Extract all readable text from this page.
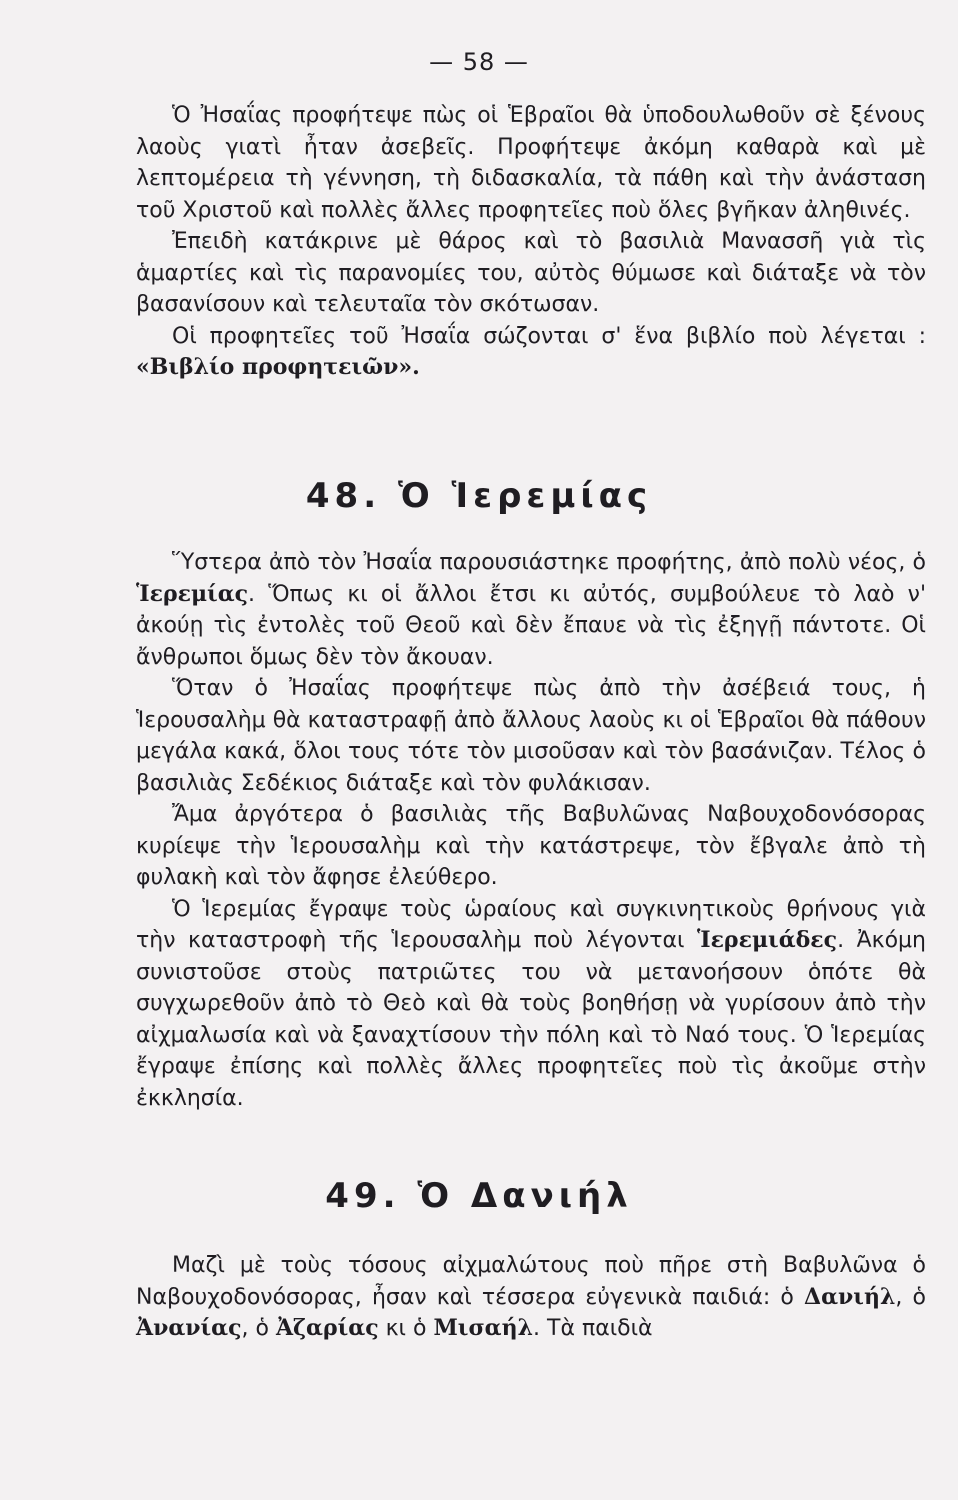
— 58 —

Ὁ Ἠσαΐας προφήτεψε πὼς οἱ Ἑβραῖοι θὰ ὑποδουλωθοῦν σὲ ξένους λαοὺς γιατὶ ἦταν ἀσεβεῖς. Προφήτεψε ἀκόμη καθαρὰ καὶ μὲ λεπτομέρεια τὴ γέννηση, τὴ διδασκαλία, τὰ πάθη καὶ τὴν ἀνάσταση τοῦ Χριστοῦ καὶ πολλὲς ἄλλες προφητεῖες ποὺ ὅλες βγῆκαν ἀληθινές.

Ἐπειδὴ κατάκρινε μὲ θάρος καὶ τὸ βασιλιὰ Μανασσῆ γιὰ τὶς ἁμαρτίες καὶ τὶς παρανομίες του, αὐτὸς θύμωσε καὶ διάταξε νὰ τὸν βασανίσουν καὶ τελευταῖα τὸν σκότωσαν.

Οἱ προφητεῖες τοῦ Ἠσαΐα σώζονται σ' ἕνα βιβλίο ποὺ λέγεται : «Βιβλίο προφητειῶν».

48. Ὁ Ἱερεμίας

Ὕστερα ἀπὸ τὸν Ἠσαΐα παρουσιάστηκε προφήτης, ἀπὸ πολὺ νέος, ὁ Ἱερεμίας. Ὅπως κι οἱ ἄλλοι ἔτσι κι αὐτός, συμβούλευε τὸ λαὸ ν' ἀκούῃ τὶς ἐντολὲς τοῦ Θεοῦ καὶ δὲν ἔπαυε νὰ τὶς ἐξηγῇ πάντοτε. Οἱ ἄνθρωποι ὅμως δὲν τὸν ἄκουαν.

Ὅταν ὁ Ἠσαΐας προφήτεψε πὼς ἀπὸ τὴν ἀσέβειά τους, ἡ Ἱερουσαλὴμ θὰ καταστραφῇ ἀπὸ ἄλλους λαοὺς κι οἱ Ἑβραῖοι θὰ πάθουν μεγάλα κακά, ὅλοι τους τότε τὸν μισοῦσαν καὶ τὸν βασάνιζαν. Τέλος ὁ βασιλιὰς Σεδέκιος διάταξε καὶ τὸν φυλάκισαν.

Ἄμα ἀργότερα ὁ βασιλιὰς τῆς Βαβυλῶνας Ναβουχοδονόσορας κυρίεψε τὴν Ἱερουσαλὴμ καὶ τὴν κατάστρεψε, τὸν ἔβγαλε ἀπὸ τὴ φυλακὴ καὶ τὸν ἄφησε ἐλεύθερο.

Ὁ Ἱερεμίας ἔγραψε τοὺς ὡραίους καὶ συγκινητικοὺς θρήνους γιὰ τὴν καταστροφὴ τῆς Ἱερουσαλὴμ ποὺ λέγονται Ἱερεμιάδες. Ἀκόμη συνιστοῦσε στοὺς πατριῶτες του νὰ μετανοήσουν ὁπότε θὰ συγχωρεθοῦν ἀπὸ τὸ Θεὸ καὶ θὰ τοὺς βοηθήσῃ νὰ γυρίσουν ἀπὸ τὴν αἰχμαλωσία καὶ νὰ ξαναχτίσουν τὴν πόλη καὶ τὸ Ναό τους. Ὁ Ἱερεμίας ἔγραψε ἐπίσης καὶ πολλὲς ἄλλες προφητεῖες ποὺ τὶς ἀκοῦμε στὴν ἐκκλησία.

49. Ὁ Δανιήλ

Μαζὶ μὲ τοὺς τόσους αἰχμαλώτους ποὺ πῆρε στὴ Βαβυλῶνα ὁ Ναβουχοδονόσορας, ἦσαν καὶ τέσσερα εὐγενικὰ παιδιά: ὁ Δανιήλ, ὁ Ἀνανίας, ὁ Ἀζαρίας κι ὁ Μισαήλ. Τὰ παιδιὰ
